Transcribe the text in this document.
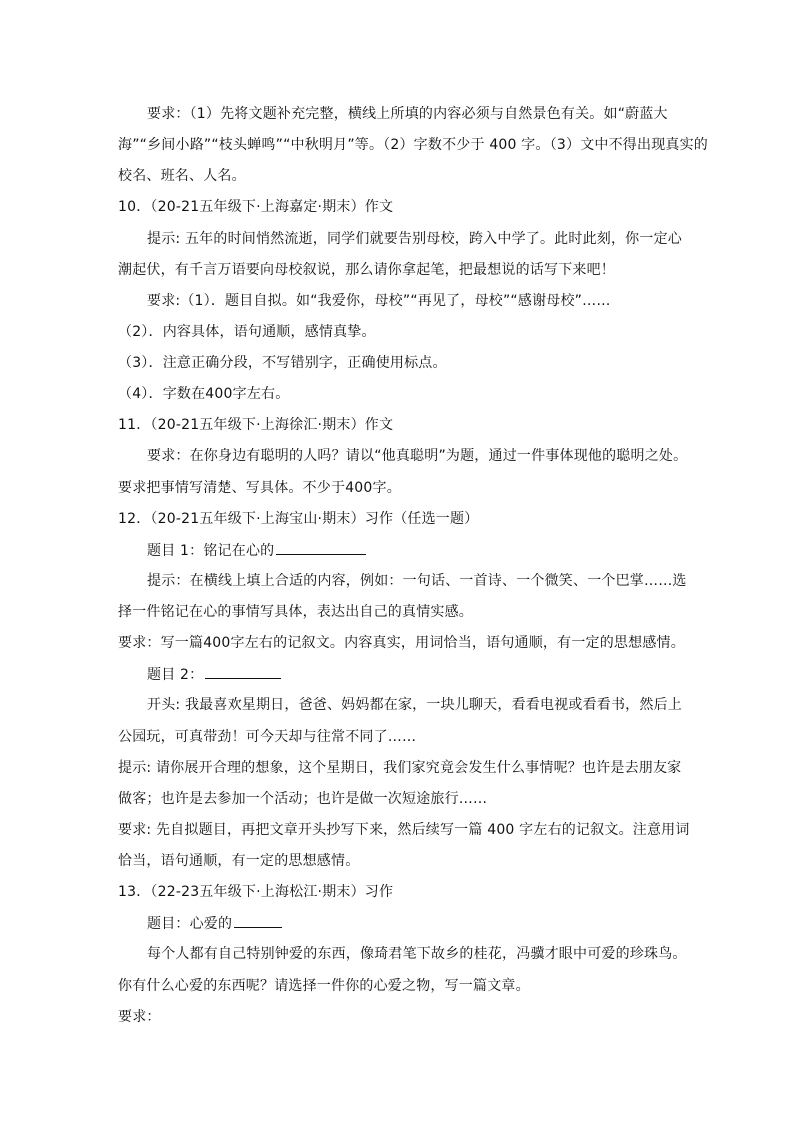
要求：（1）先将文题补充完整，横线上所填的内容必须与自然景色有关。如“蔚蓝大
海”“乡间小路”“枝头蝉鸣”“中秋明月”等。（2）字数不少于 400 字。（3）文中不得出现真实的
校名、班名、人名。
10．（20-21五年级下·上海嘉定·期末）作文
提示: 五年的时间悄然流逝，同学们就要告别母校，跨入中学了。此时此刻，你一定心
潮起伏，有千言万语要向母校叙说，那么请你拿起笔，把最想说的话写下来吧！
要求:（1）．题目自拟。如“我爱你，母校”“再见了，母校”“感谢母校”……
（2）．内容具体，语句通顺，感情真挚。
（3）．注意正确分段，不写错别字，正确使用标点。
（4）．字数在400字左右。
11．（20-21五年级下·上海徐汇·期末）作文
要求：在你身边有聪明的人吗？请以“他真聪明”为题，通过一件事体现他的聪明之处。
要求把事情写清楚、写具体。不少于400字。
12．（20-21五年级下·上海宝山·期末）习作（任选一题）
题目 1：铭记在心的
提示：在横线上填上合适的内容，例如：一句话、一首诗、一个微笑、一个巴掌……选
择一件铭记在心的事情写具体，表达出自己的真情实感。
要求：写一篇400字左右的记叙文。内容真实，用词恰当，语句通顺，有一定的思想感情。
题目 2：
开头: 我最喜欢星期日，爸爸、妈妈都在家，一块儿聊天，看看电视或看看书，然后上
公园玩，可真带劲！可今天却与往常不同了……
提示: 请你展开合理的想象，这个星期日，我们家究竟会发生什么事情呢？也许是去朋友家
做客；也许是去参加一个活动；也许是做一次短途旅行……
要求: 先自拟题目，再把文章开头抄写下来，然后续写一篇 400 字左右的记叙文。注意用词
恰当，语句通顺，有一定的思想感情。
13．（22-23五年级下·上海松江·期末）习作
题目：心爱的
每个人都有自己特别钟爱的东西，像琦君笔下故乡的桂花，冯骥才眼中可爱的珍珠鸟。
你有什么心爱的东西呢？请选择一件你的心爱之物，写一篇文章。
要求：
